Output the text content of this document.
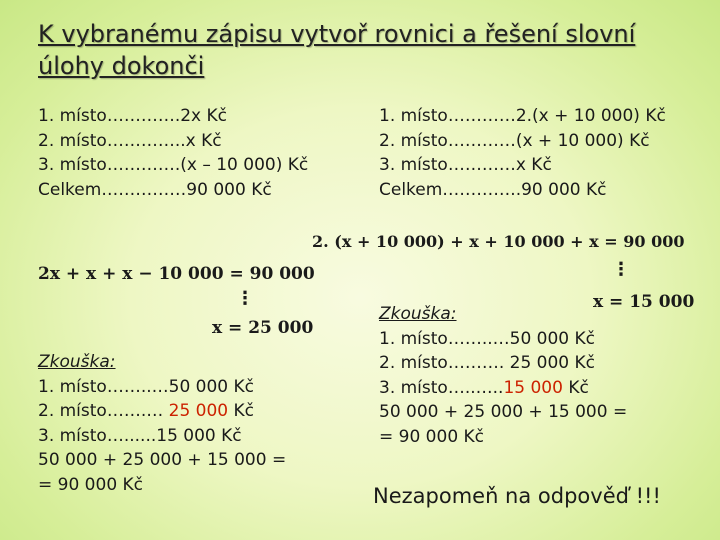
K vybranému zápisu vytvoř rovnici a řešení slovní úlohy dokonči
1. místo………….2x Kč
2. místo…………..x Kč
3. místo………….(x – 10 000) Kč
Celkem……………90 000 Kč
1. místo…………2.(x + 10 000) Kč
2. místo…………(x + 10 000) Kč
3. místo…………x Kč
Celkem…………..90 000 Kč
2. (x + 10 000) + x + 10 000 + x = 90 000
⋮
x = 15 000
2x + x + x − 10 000 = 90 000
⋮
x = 25 000
Zkouška:
1. místo……..…50 000 Kč
2. místo…….… 25 000 Kč
3. místo…......15 000 Kč
50 000 + 25 000 + 15 000 =
= 90 000 Kč
Zkouška:
1. místo……..…50 000 Kč
2. místo………. 25 000 Kč
3. místo…..…..15 000 Kč
50 000 + 25 000 + 15 000 =
= 90 000 Kč
Nezapomeň na odpověď !!!
